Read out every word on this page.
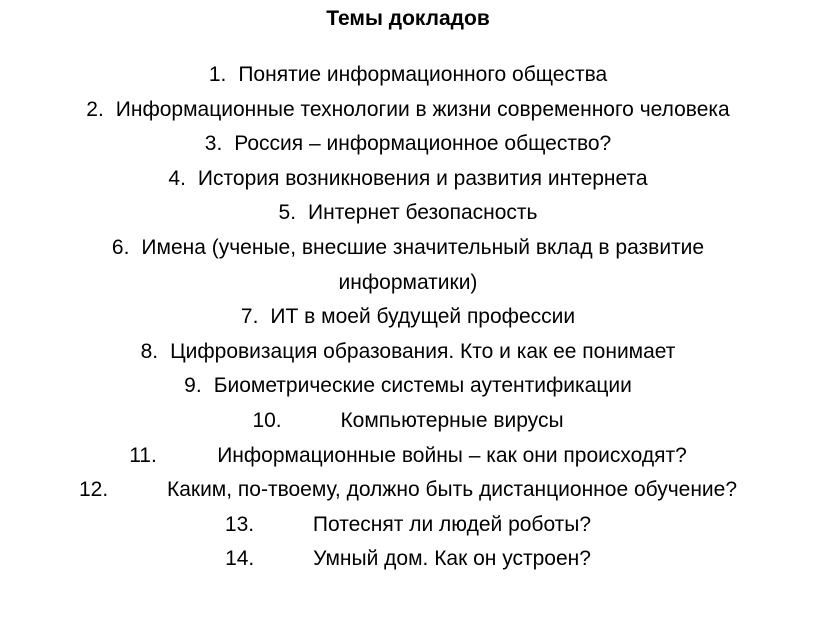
Темы докладов
1. Понятие информационного общества
2. Информационные технологии в жизни современного человека
3. Россия – информационное общество?
4. История возникновения и развития интернета
5. Интернет безопасность
6. Имена (ученые, внесшие значительный вклад в развитие
информатики)
7. ИТ в моей будущей профессии
8. Цифровизация образования. Кто и как ее понимает
9. Биометрические системы аутентификации
10.	Компьютерные вирусы
11.	Информационные войны – как они происходят?
12.	Каким, по-твоему, должно быть дистанционное обучение?
13.	Потеснят ли людей роботы?
14.	Умный дом. Как он устроен?
